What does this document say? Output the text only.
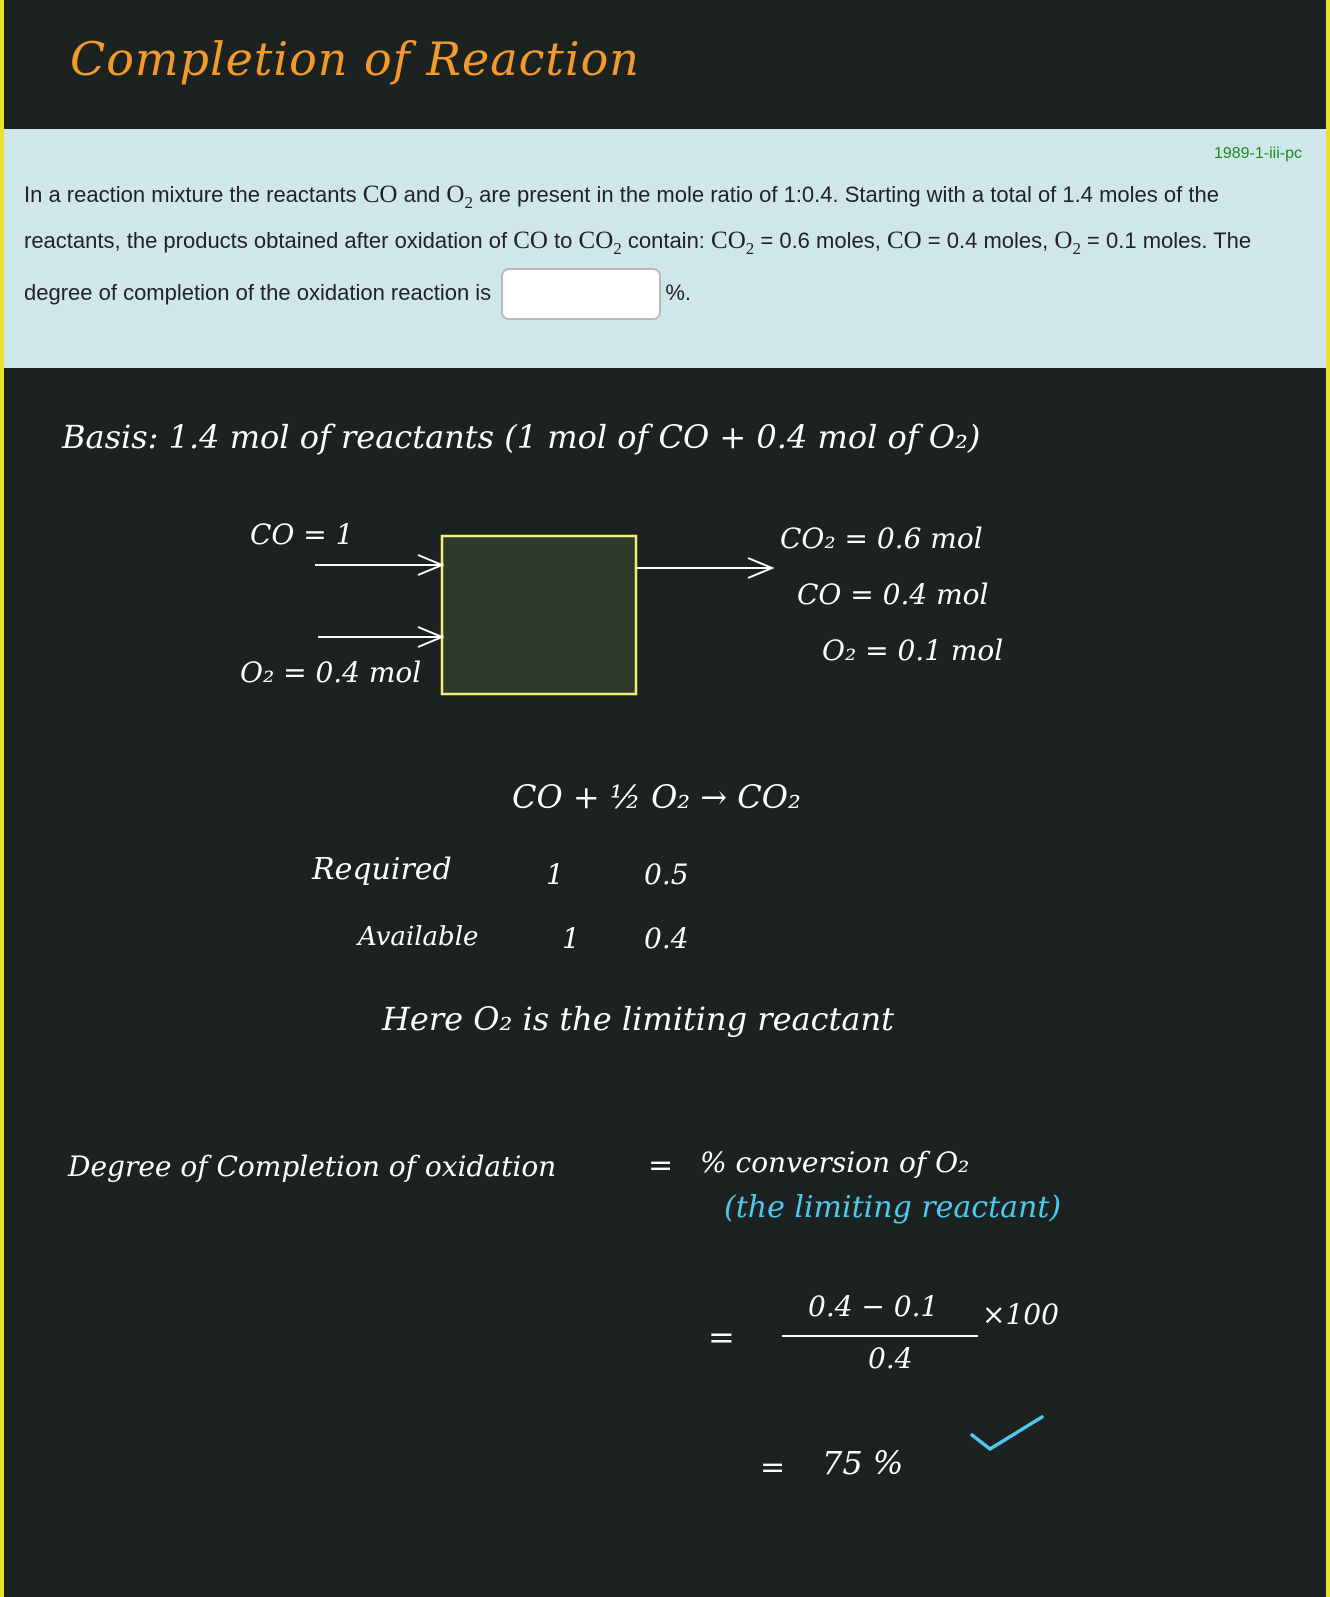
Completion of Reaction
1989-1-iii-pc
In a reaction mixture the reactants CO and $O_2$ are present in the mole ratio of 1:0.4. Starting with a total of 1.4 moles of the reactants, the products obtained after oxidation of CO to $CO_2$ contain: $CO_2 = 0.6$ moles, CO = 0.4 moles, $O_2 = 0.1$ moles. The degree of completion of the oxidation reaction is	%.
Basis: 1.4 mol of reactants (1 mol of CO + 0.4 mol of O₂)
CO = 1
O₂ = 0.4 mol
CO₂ = 0.6 mol
CO = 0.4 mol
O₂ = 0.1 mol
CO + ½ O₂ → CO₂
Required	1	0.5
Available	1 0.4
Here O₂ is the limiting reactant
Degree of Completion of oxidation	= % conversion of O₂
(the limiting reactant)
=
0.4 − 0.1 ×100
0.4
= 75 %
